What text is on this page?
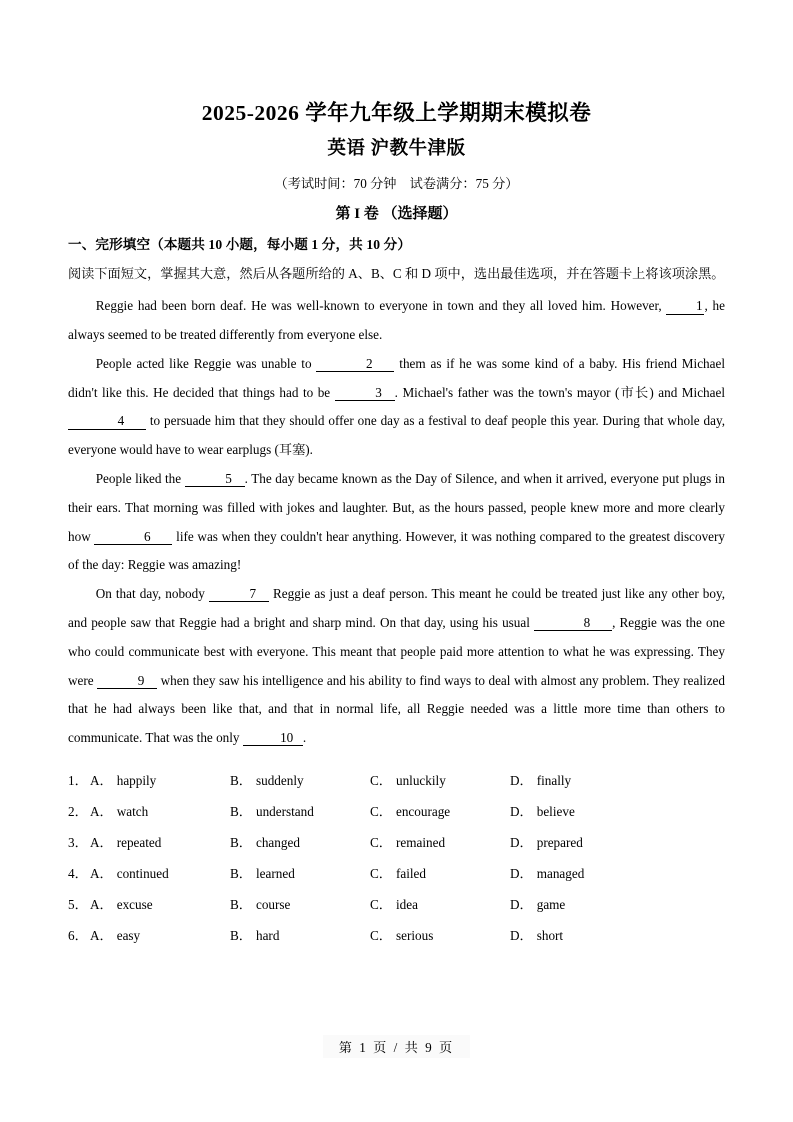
2025-2026 学年九年级上学期期末模拟卷
英语 沪教牛津版
（考试时间：70 分钟　试卷满分：75 分）
第 I 卷 （选择题）
一、完形填空（本题共 10 小题，每小题 1 分，共 10 分）
阅读下面短文，掌握其大意，然后从各题所给的 A、B、C 和 D 项中，选出最佳选项，并在答题卡上将该项涂黑。

Reggie had been born deaf. He was well-known to everyone in town and they all loved him. However,	1 , he always seemed to be treated differently from everyone else.

People acted like Reggie was unable to	2 them as if he was some kind of a baby. His friend Michael didn't like this. He decided that things had to be	3 . Michael's father was the town's mayor (市长) and Michael 4 to persuade him that they should offer one day as a festival to deaf people this year. During that whole day, everyone would have to wear earplugs (耳塞).

People liked the	5 . The day became known as the Day of Silence, and when it arrived, everyone put plugs in their ears. That morning was filled with jokes and laughter. But, as the hours passed, people knew more and more clearly how	6 life was when they couldn't hear anything. However, it was nothing compared to the greatest discovery of the day: Reggie was amazing!

On that day, nobody	7 Reggie as just a deaf person. This meant he could be treated just like any other boy, and people saw that Reggie had a bright and sharp mind. On that day, using his usual	8 , Reggie was the one who could communicate best with everyone. This meant that people paid more attention to what he was expressing. They were	9 when they saw his intelligence and his ability to find ways to deal with almost any problem. They realized that he had always been like that, and that in normal life, all Reggie needed was a little more time than others to communicate. That was the only	10 .

1． A． happily	B． suddenly	C． unluckily	D． finally
2． A． watch	B． understand	C． encourage	D． believe
3． A． repeated	B． changed	C． remained	D． prepared
4． A． continued	B． learned	C． failed	D． managed
5． A． excuse	B． course	C． idea	D． game
6． A． easy	B． hard	C． serious	D． short
第 1 页 / 共 9 页
